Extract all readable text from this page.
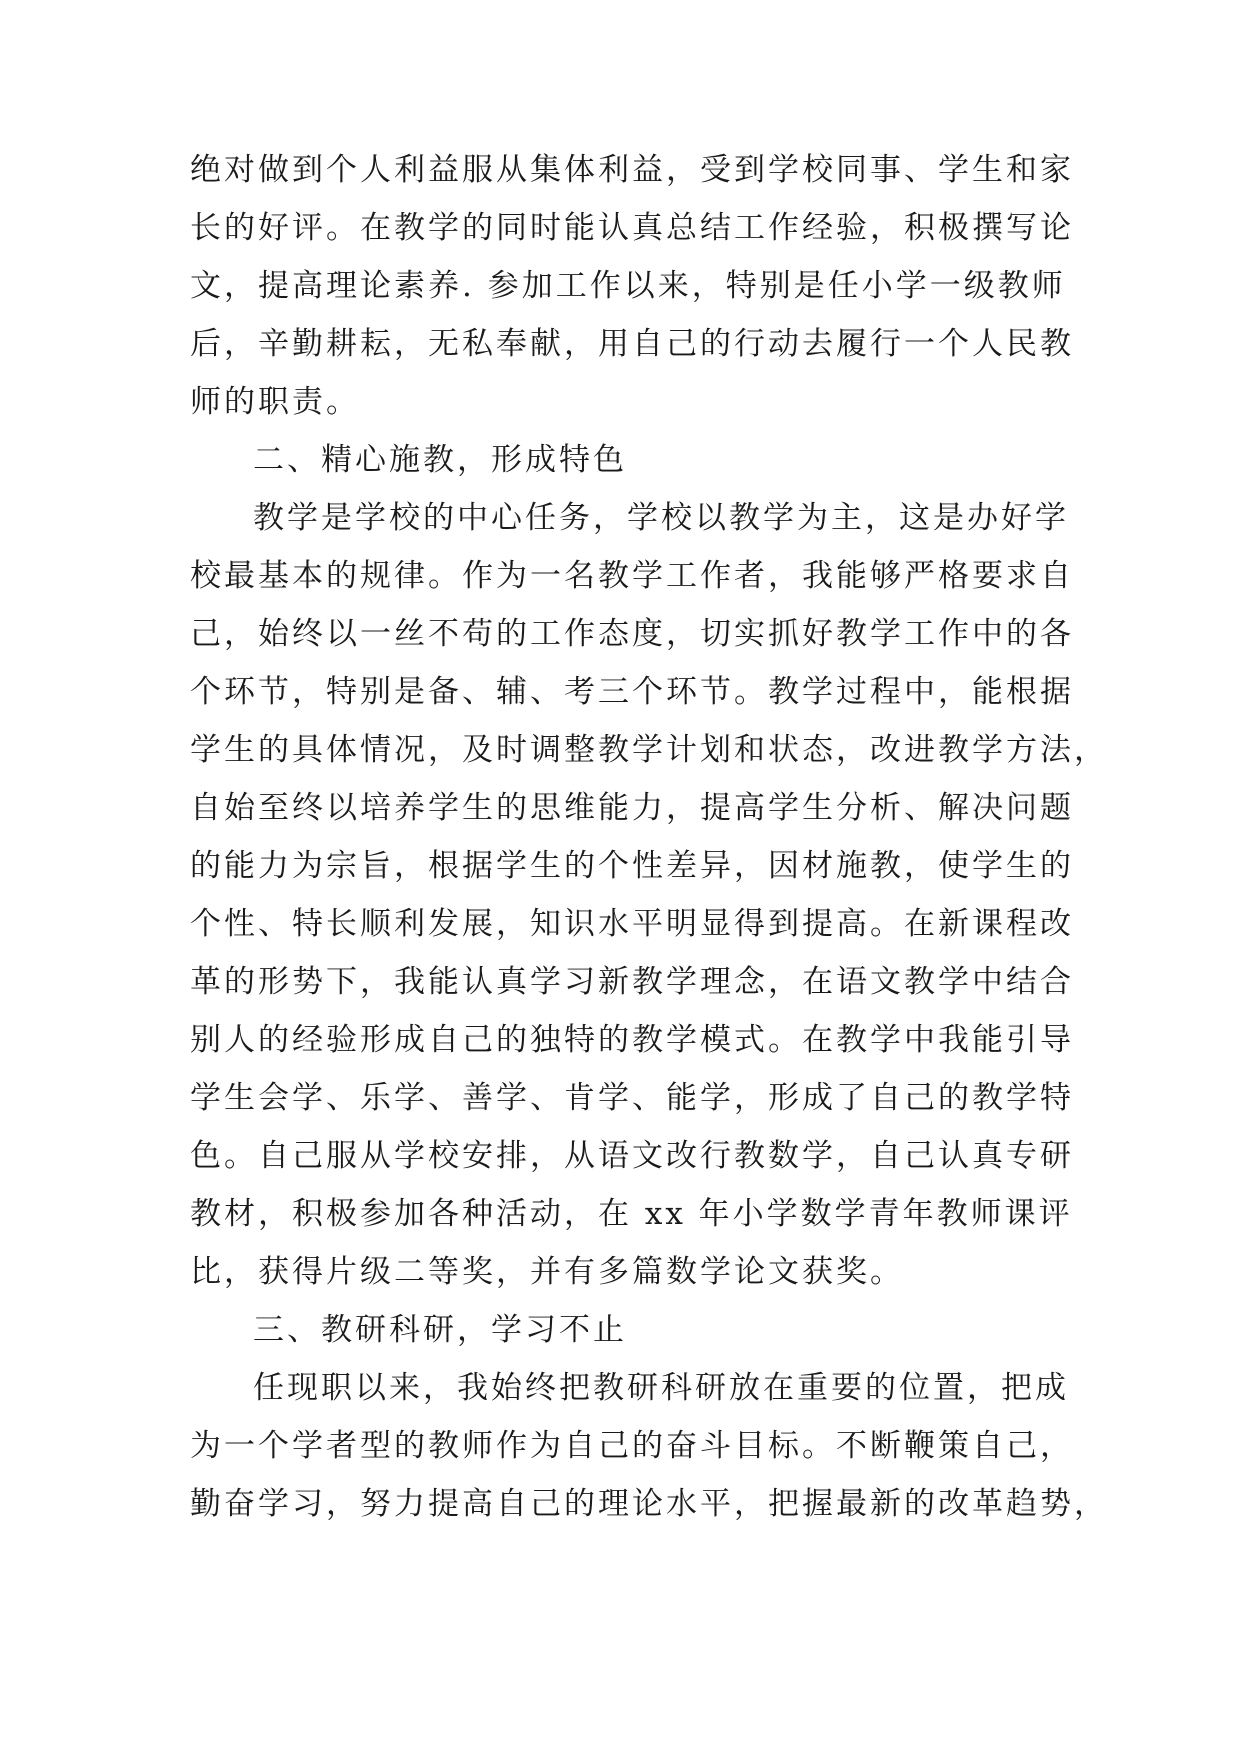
绝对做到个人利益服从集体利益，受到学校同事、学生和家
长的好评。在教学的同时能认真总结工作经验，积极撰写论
文，提高理论素养. 参加工作以来，特别是任小学一级教师
后，辛勤耕耘，无私奉献，用自己的行动去履行一个人民教
师的职责。
二、精心施教，形成特色
教学是学校的中心任务，学校以教学为主，这是办好学
校最基本的规律。作为一名教学工作者，我能够严格要求自
己，始终以一丝不苟的工作态度，切实抓好教学工作中的各
个环节，特别是备、辅、考三个环节。教学过程中，能根据
学生的具体情况，及时调整教学计划和状态，改进教学方法，
自始至终以培养学生的思维能力，提高学生分析、解决问题
的能力为宗旨，根据学生的个性差异，因材施教，使学生的
个性、特长顺利发展，知识水平明显得到提高。在新课程改
革的形势下，我能认真学习新教学理念，在语文教学中结合
别人的经验形成自己的独特的教学模式。在教学中我能引导
学生会学、乐学、善学、肯学、能学，形成了自己的教学特
色。自己服从学校安排，从语文改行教数学，自己认真专研
教材，积极参加各种活动，在 xx 年小学数学青年教师课评
比，获得片级二等奖，并有多篇数学论文获奖。
三、教研科研，学习不止
任现职以来，我始终把教研科研放在重要的位置，把成
为一个学者型的教师作为自己的奋斗目标。不断鞭策自己，
勤奋学习，努力提高自己的理论水平，把握最新的改革趋势，
